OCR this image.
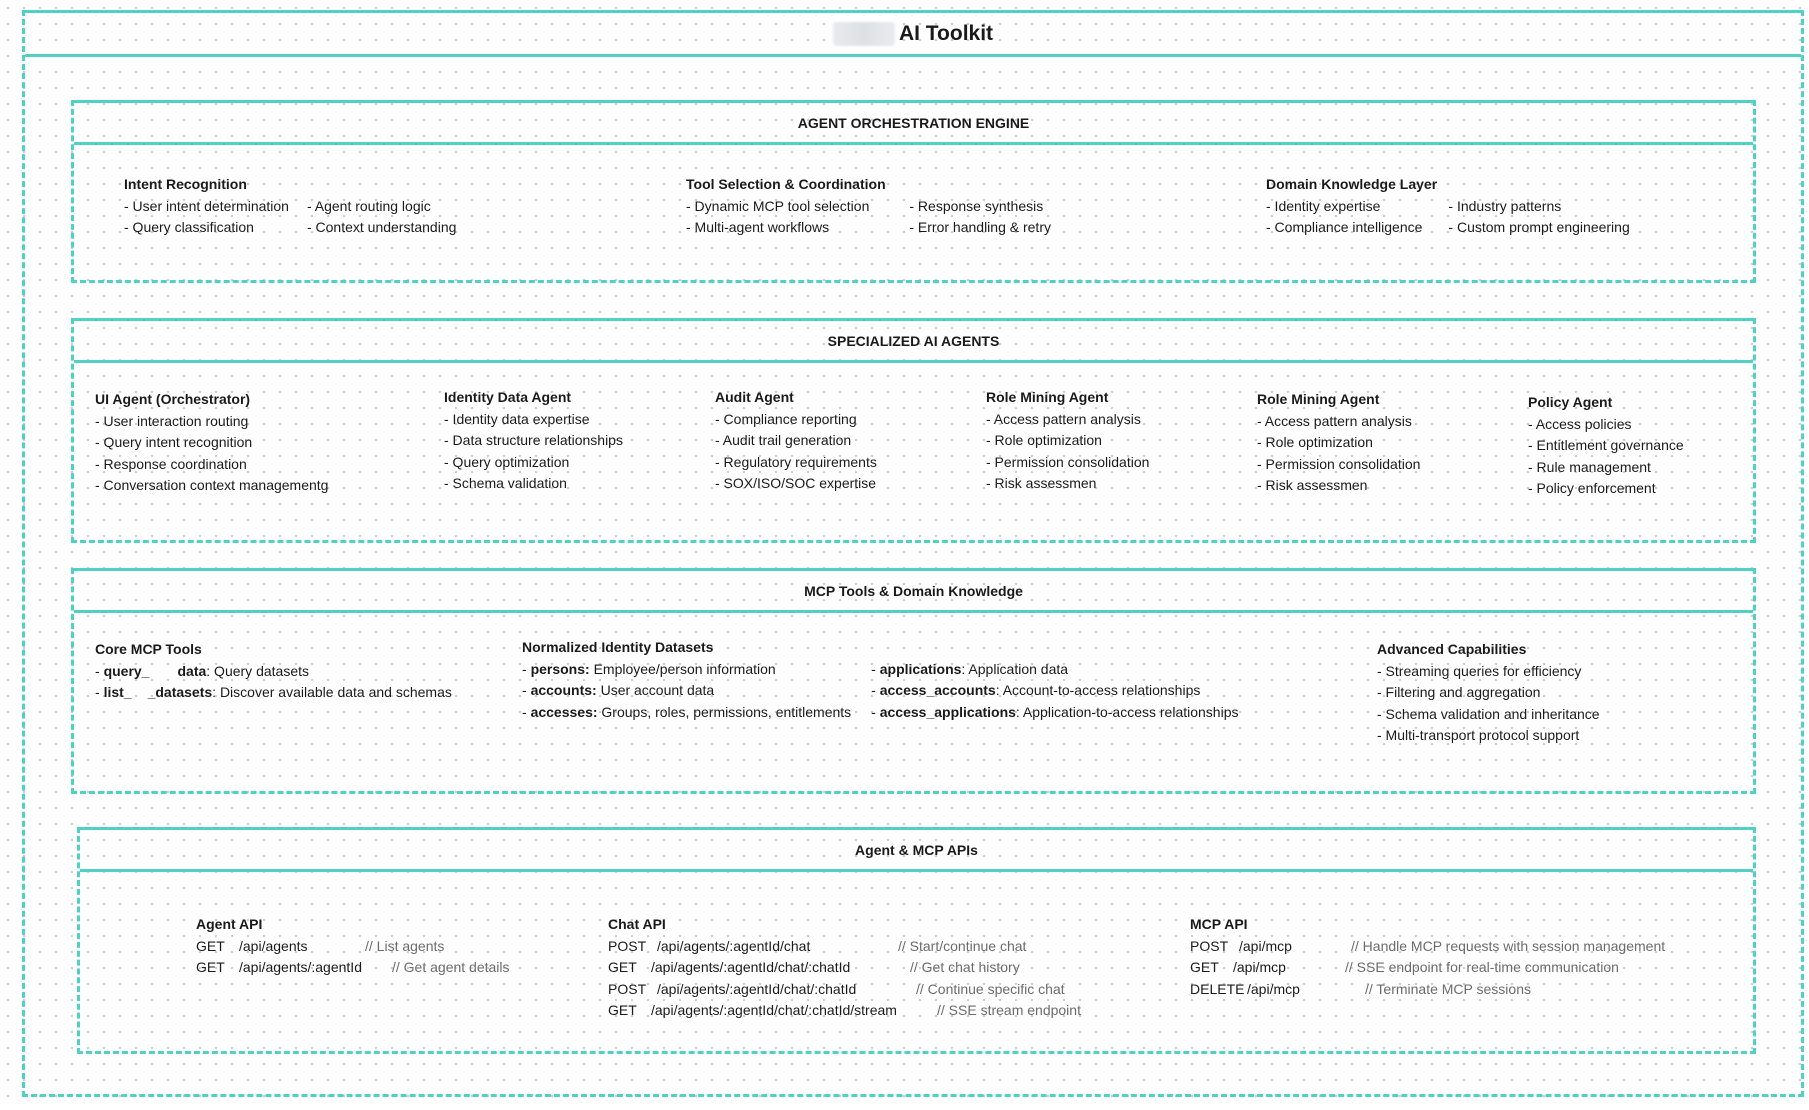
AI Toolkit
AGENT ORCHESTRATION ENGINE
Intent Recognition
- User intent determination
- Query classification
- Agent routing logic
- Context understanding
Tool Selection & Coordination
- Dynamic MCP tool selection
- Multi-agent workflows
- Response synthesis
- Error handling & retry
Domain Knowledge Layer
- Identity expertise
- Compliance intelligence
- Industry patterns
- Custom prompt engineering
SPECIALIZED AI AGENTS
UI Agent (Orchestrator)
- User interaction routing
- Query intent recognition
- Response coordination
- Conversation context managementg
Identity Data Agent
- Identity data expertise
- Data structure relationships
- Query optimization
- Schema validation
Audit Agent
- Compliance reporting
- Audit trail generation
- Regulatory requirements
- SOX/ISO/SOC expertise
Role Mining Agent
- Access pattern analysis
- Role optimization
- Permission consolidation
- Risk assessmen
Role Mining Agent
- Access pattern analysis
- Role optimization
- Permission consolidation
- Risk assessmen
Policy Agent
- Access policies
- Entitlement governance
- Rule management
- Policy enforcement
MCP Tools & Domain Knowledge
Core MCP Tools
- query_ data: Query datasets
- list_ _datasets: Discover available data and schemas
Normalized Identity Datasets
- persons: Employee/person information
- accounts: User account data
- accesses: Groups, roles, permissions, entitlements
- applications: Application data
- access_accounts: Account-to-access relationships
- access_applications: Application-to-access relationships
Advanced Capabilities
- Streaming queries for efficiency
- Filtering and aggregation
- Schema validation and inheritance
- Multi-transport protocol support
Agent & MCP APIs
Agent API
GET	/api/agents	// List agents
GET	/api/agents/:agentId	// Get agent details
Chat API
POST /api/agents/:agentId/chat	// Start/continue chat
GET	/api/agents/:agentId/chat/:chatId	// Get chat history
POST /api/agents/:agentId/chat/:chatId	// Continue specific chat
GET	/api/agents/:agentId/chat/:chatId/stream	// SSE stream endpoint
MCP API
POST /api/mcp	// Handle MCP requests with session management
GET	/api/mcp	// SSE endpoint for real-time communication
DELETE /api/mcp	// Terminate MCP sessions
